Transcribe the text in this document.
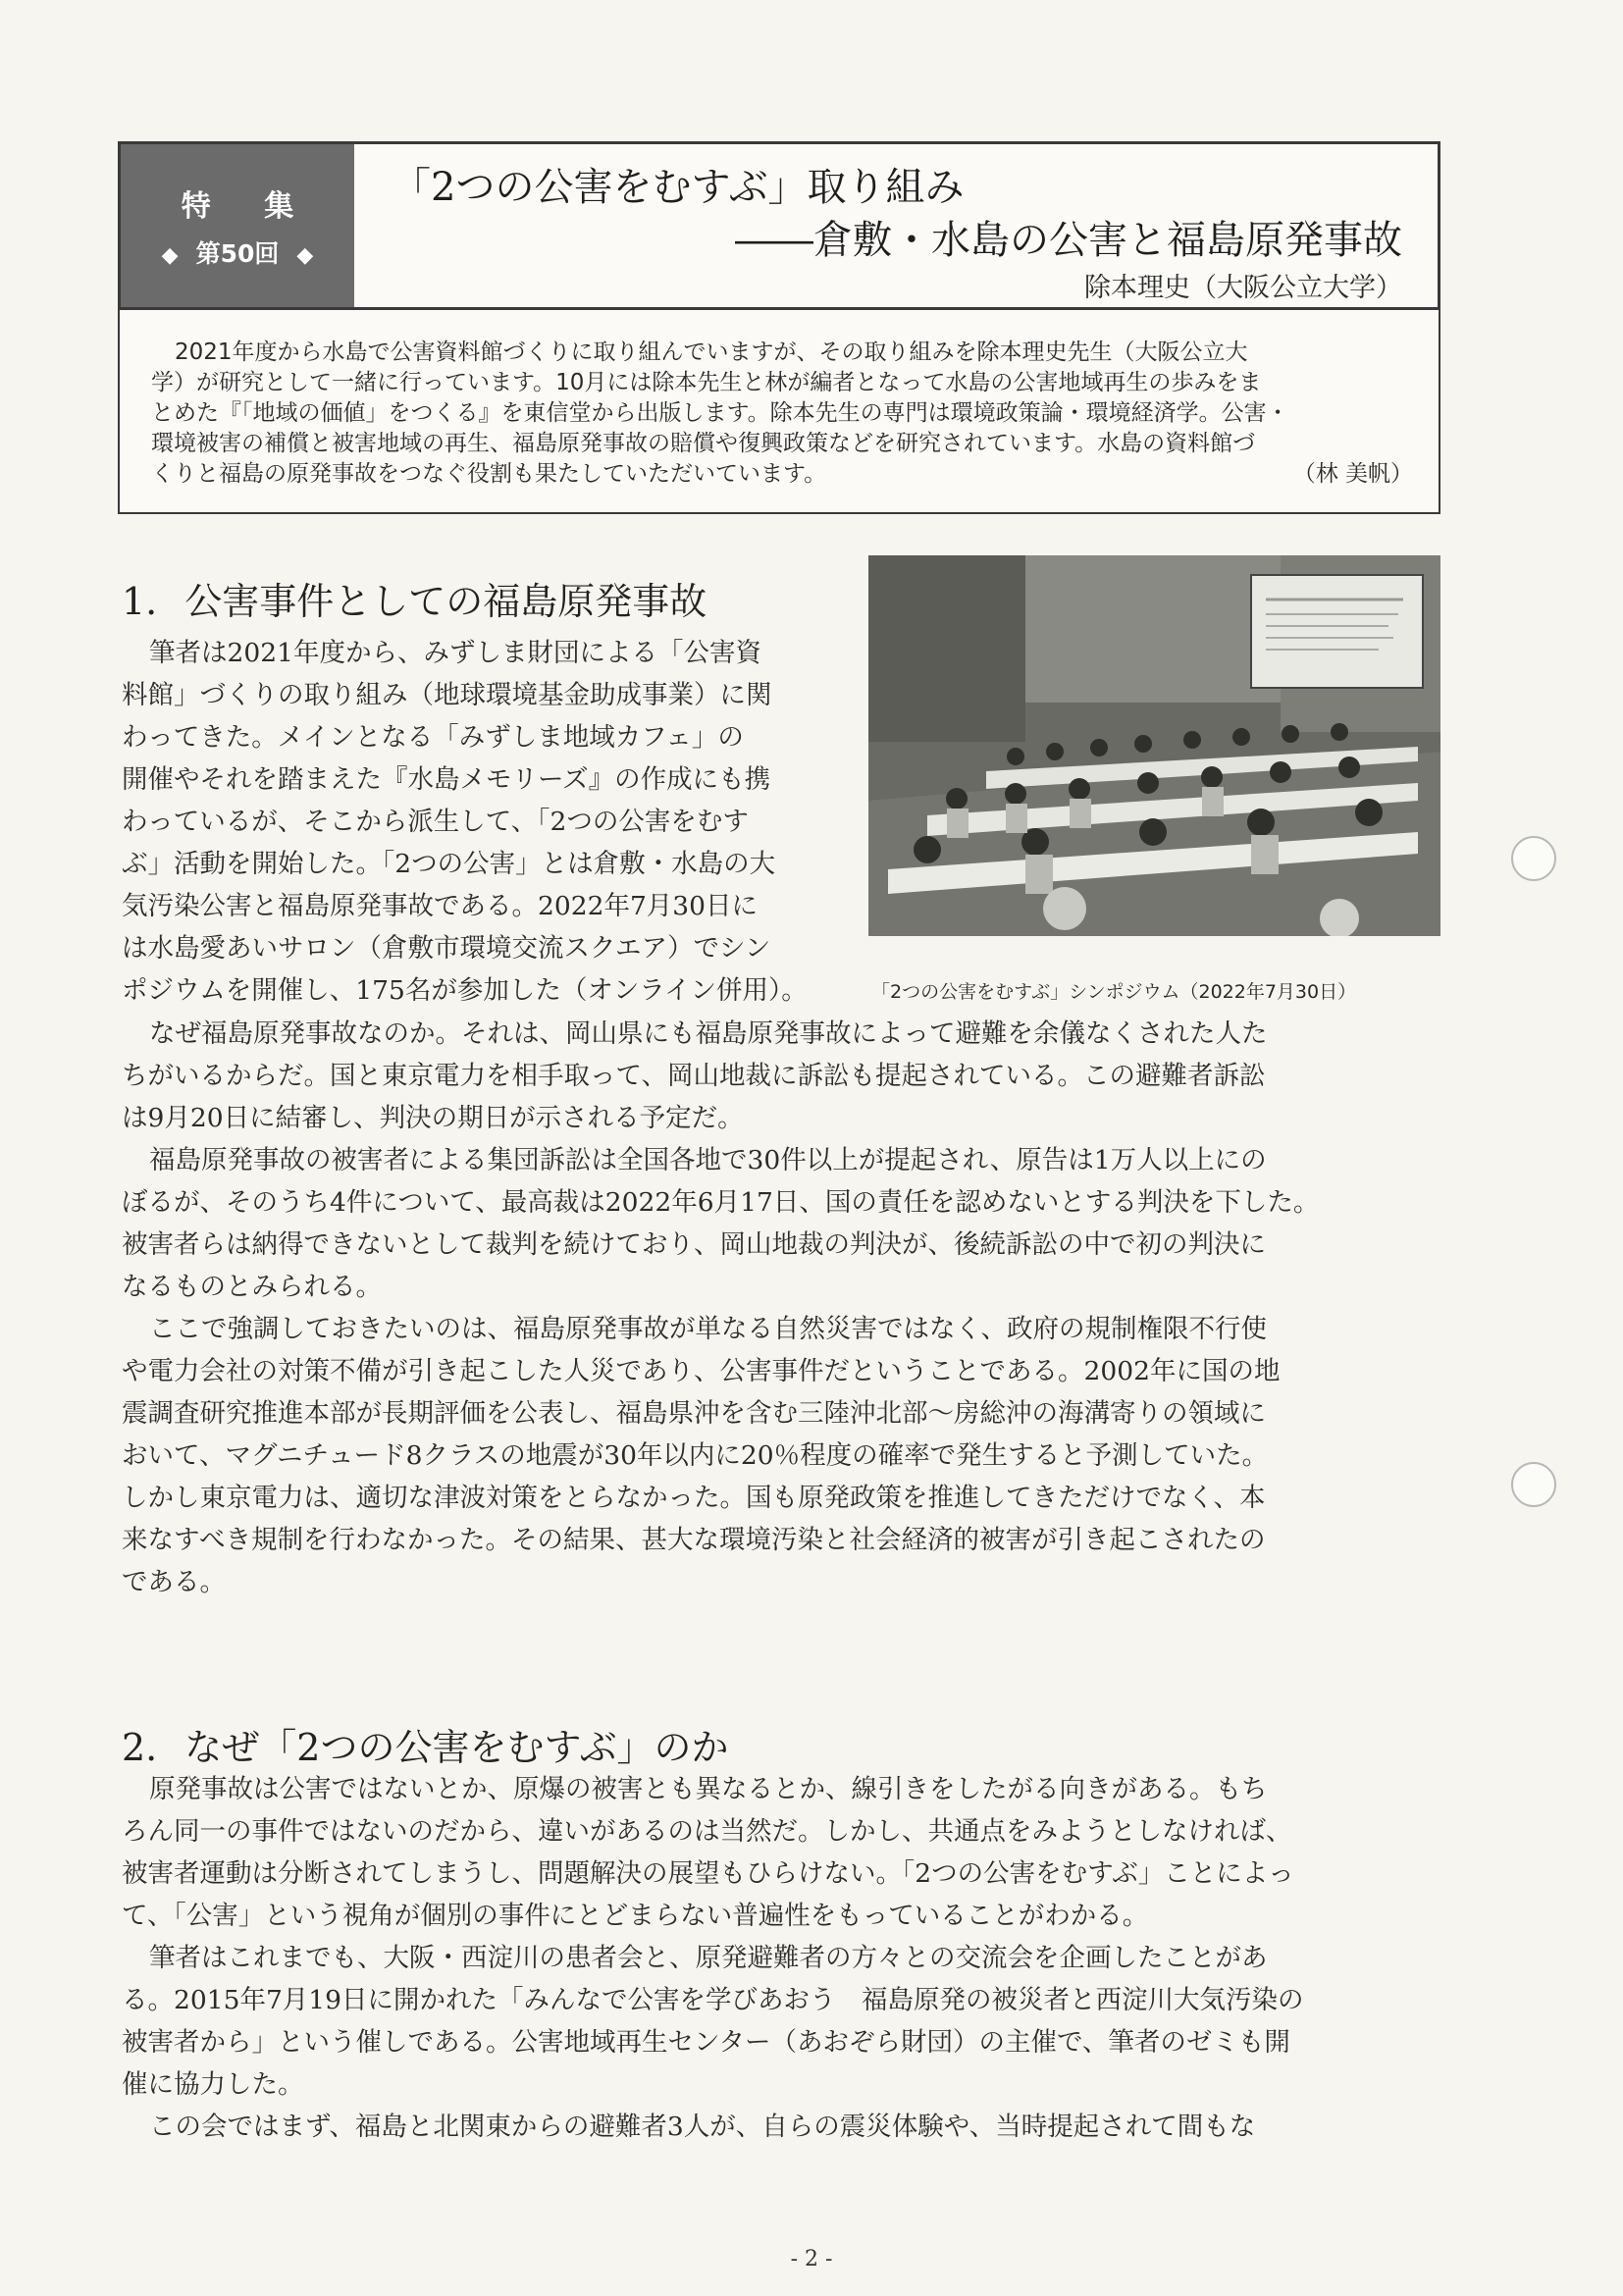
特 集
◆ 第50回 ◆
「2つの公害をむすぶ」取り組み
――倉敷・水島の公害と福島原発事故
除本理史（大阪公立大学）
2021年度から水島で公害資料館づくりに取り組んでいますが、その取り組みを除本理史先生（大阪公立大
学）が研究として一緒に行っています。10月には除本先生と林が編者となって水島の公害地域再生の歩みをま
とめた『「地域の価値」をつくる』を東信堂から出版します。除本先生の専門は環境政策論・環境経済学。公害・
環境被害の補償と被害地域の再生、福島原発事故の賠償や復興政策などを研究されています。水島の資料館づ
くりと福島の原発事故をつなぐ役割も果たしていただいています。	（林 美帆）
1. 公害事件としての福島原発事故
筆者は2021年度から、みずしま財団による「公害資
料館」づくりの取り組み（地球環境基金助成事業）に関
わってきた。メインとなる「みずしま地域カフェ」の
開催やそれを踏まえた『水島メモリーズ』の作成にも携
わっているが、そこから派生して、「2つの公害をむす
ぶ」活動を開始した。「2つの公害」とは倉敷・水島の大
気汚染公害と福島原発事故である。2022年7月30日に
は水島愛あいサロン（倉敷市環境交流スクエア）でシン
ポジウムを開催し、175名が参加した（オンライン併用）。	「2つの公害をむすぶ」シンポジウム（2022年7月30日）
なぜ福島原発事故なのか。それは、岡山県にも福島原発事故によって避難を余儀なくされた人た
ちがいるからだ。国と東京電力を相手取って、岡山地裁に訴訟も提起されている。この避難者訴訟
は9月20日に結審し、判決の期日が示される予定だ。
福島原発事故の被害者による集団訴訟は全国各地で30件以上が提起され、原告は1万人以上にの
ぼるが、そのうち4件について、最高裁は2022年6月17日、国の責任を認めないとする判決を下した。
被害者らは納得できないとして裁判を続けており、岡山地裁の判決が、後続訴訟の中で初の判決に
なるものとみられる。
ここで強調しておきたいのは、福島原発事故が単なる自然災害ではなく、政府の規制権限不行使
や電力会社の対策不備が引き起こした人災であり、公害事件だということである。2002年に国の地
震調査研究推進本部が長期評価を公表し、福島県沖を含む三陸沖北部〜房総沖の海溝寄りの領域に
おいて、マグニチュード8クラスの地震が30年以内に20％程度の確率で発生すると予測していた。
しかし東京電力は、適切な津波対策をとらなかった。国も原発政策を推進してきただけでなく、本
来なすべき規制を行わなかった。その結果、甚大な環境汚染と社会経済的被害が引き起こされたの
である。
2. なぜ「2つの公害をむすぶ」のか
原発事故は公害ではないとか、原爆の被害とも異なるとか、線引きをしたがる向きがある。もち
ろん同一の事件ではないのだから、違いがあるのは当然だ。しかし、共通点をみようとしなければ、
被害者運動は分断されてしまうし、問題解決の展望もひらけない。「2つの公害をむすぶ」ことによっ
て、「公害」という視角が個別の事件にとどまらない普遍性をもっていることがわかる。
筆者はこれまでも、大阪・西淀川の患者会と、原発避難者の方々との交流会を企画したことがあ
る。2015年7月19日に開かれた「みんなで公害を学びあおう　福島原発の被災者と西淀川大気汚染の
被害者から」という催しである。公害地域再生センター（あおぞら財団）の主催で、筆者のゼミも開
催に協力した。
この会ではまず、福島と北関東からの避難者3人が、自らの震災体験や、当時提起されて間もな
- 2 -
